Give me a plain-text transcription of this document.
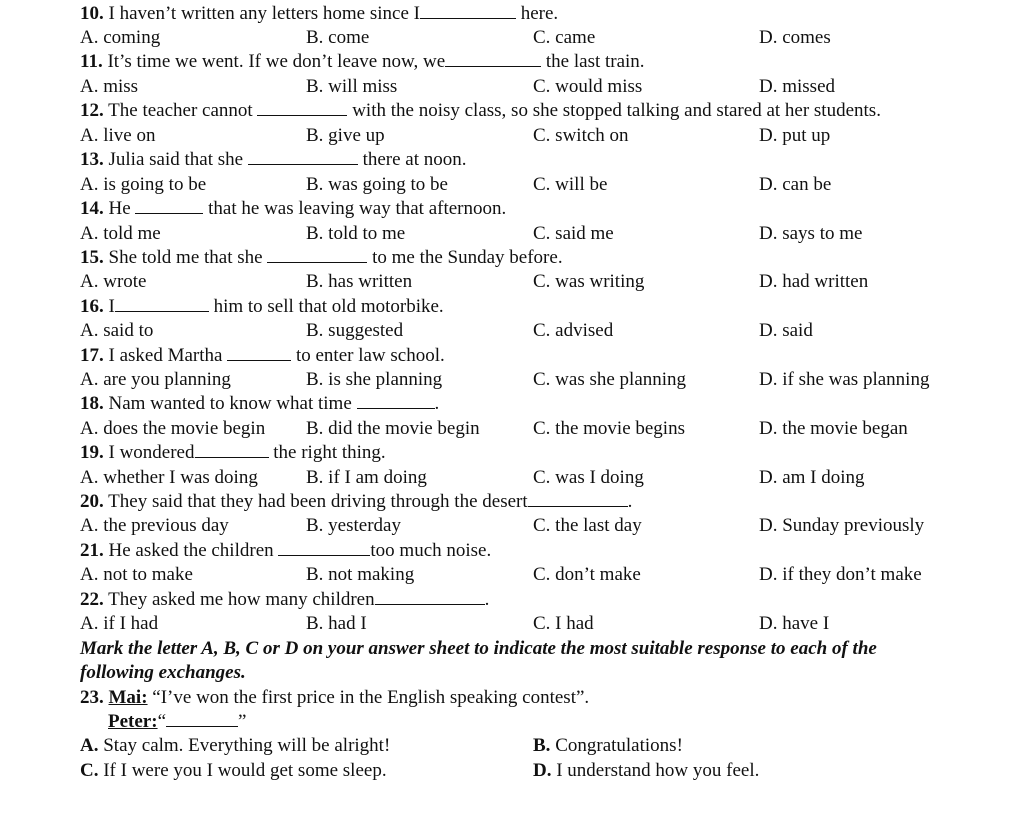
10. I haven’t written any letters home since I	here.
A. coming	B. come	C. came	D. comes
11. It’s time we went. If we don’t leave now, we	the last train.
A. miss	B. will miss	C. would miss	D. missed
12. The teacher cannot	with the noisy class, so she stopped talking and stared at her students.
A. live on	B. give up	C. switch on	D. put up
13. Julia said that she	there at noon.
A. is going to be	B. was going to be	C. will be	D. can be
14. He	that he was leaving way that afternoon.
A. told me	B. told to me	C. said me	D. says to me
15. She told me that she	to me the Sunday before.
A. wrote	B. has written	C. was writing	D. had written
16. I	him to sell that old motorbike.
A. said to	B. suggested	C. advised	D. said
17. I asked Martha	to enter law school.
A. are you planning	B. is she planning	C. was she planning	D. if she was planning
18. Nam wanted to know what time	.
A. does the movie begin B. did the movie begin	C. the movie begins	D. the movie began
19. I wondered	the right thing.
A. whether I was doing	B. if I am doing	C. was I doing	D. am I doing
20. They said that they had been driving through the desert	.
A. the previous day	B. yesterday	C. the last day	D. Sunday previously
21. He asked the children	too much noise.
A. not to make	B. not making	C. don’t make	D. if they don’t make
22. They asked me how many children	.
A. if I had	B. had I	C. I had	D. have I
Mark the letter A, B, C or D on your answer sheet to indicate the most suitable response to each of the
following exchanges.
23. Mai: “I’ve won the first price in the English speaking contest”.
Peter:“	”
A. Stay calm. Everything will be alright!	B. Congratulations!
C. If I were you I would get some sleep.	D. I understand how you feel.
